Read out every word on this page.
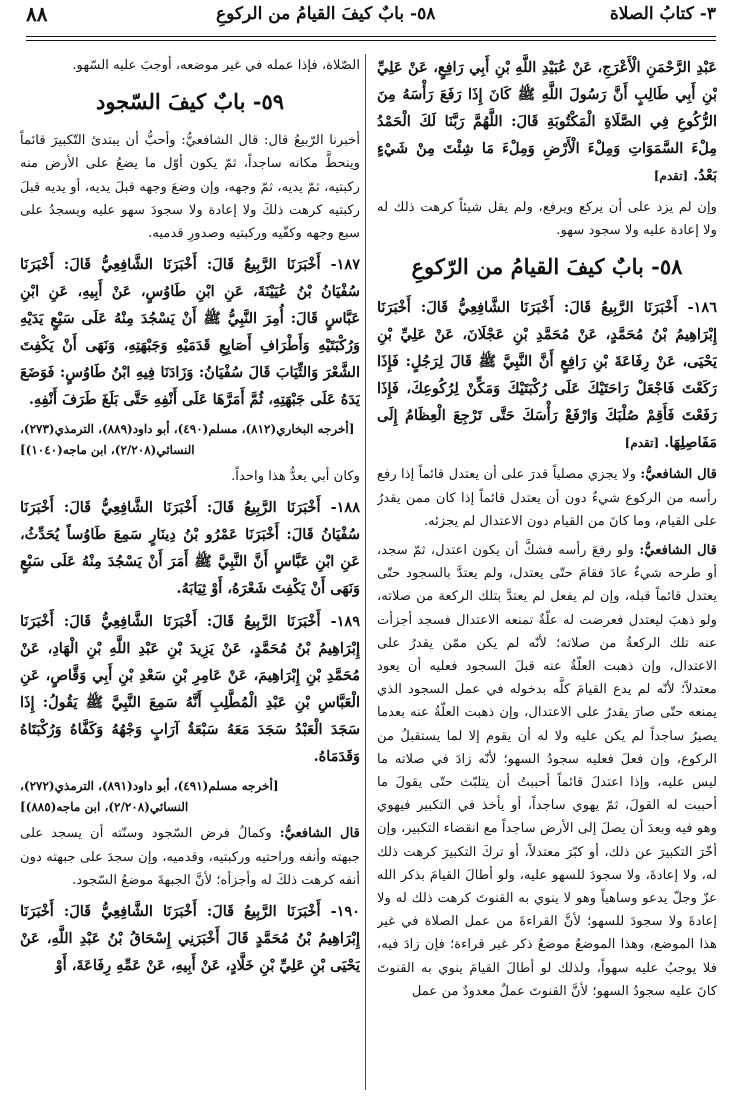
٣- كتابُ الصلاة
٥٨- بابٌ كيفَ القيامُ من الركوعِ
٨٨

عَبْدِ الرَّحْمَنِ الْأَعْرَجِ، عَنْ عُبَيْدِ اللَّهِ بْنِ أَبِي رَافِعٍ، عَنْ عَلِيِّ بْنِ أَبِي طَالِبٍ أَنَّ رَسُولَ اللَّهِ ﷺ كَانَ إِذَا رَفَعَ رَأْسَهُ مِنَ الرُّكُوعِ فِي الصَّلَاةِ الْمَكْتُوبَةِ قَالَ: اللَّهُمَّ رَبَّنَا لَكَ الْحَمْدُ مِلْءَ السَّمَوَاتِ وَمِلْءَ الْأَرْضِ وَمِلْءَ مَا شِئْتَ مِنْ شَيْءٍ بَعْدُ. [تقدم]

وإن لم يزد على أن يركع ويرفع، ولم يقل شيئاً كرهت ذلك له ولا إعادة عليه ولا سجود سهو.

٥٨- بابٌ كيفَ القيامُ من الرّكوعِ

١٨٦- أَخْبَرَنَا الرَّبِيعُ قَالَ: أَخْبَرَنَا الشَّافِعِيُّ قَالَ: أَخْبَرَنَا إِبْرَاهِيمُ بْنُ مُحَمَّدٍ، عَنْ مُحَمَّدِ بْنِ عَجْلَانَ، عَنْ عَلِيِّ بْنِ يَحْيَى، عَنْ رِفَاعَةَ بْنِ رَافِعٍ أَنَّ النَّبِيَّ ﷺ قَالَ لِرَجُلٍ: فَإِذَا رَكَعْتَ فَاجْعَلْ رَاحَتَيْكَ عَلَى رُكْبَتَيْكَ وَمَكِّنْ لِرُكُوعِكَ، فَإِذَا رَفَعْتَ فَأَقِمْ صُلْبَكَ وَارْفَعْ رَأْسَكَ حَتَّى تَرْجِعَ الْعِظَامُ إِلَى مَفَاصِلِهَا. [تقدم]

قال الشافعيُّ: ولا يجزي مصلياً قدرَ على أن يعتدل قائماً إذا رفع رأسه من الركوع شيءٌ دون أن يعتدل قائماً إذا كان ممن يقدرُ على القيام، وما كانَ من القيام دون الاعتدال لم يجزئه.

قال الشافعيُّ: ولو رفعَ رأسه فشكَّ أن يكون اعتدل، ثمّ سجد، أو طرحه شيءٌ عادَ فقامَ حتّى يعتدل، ولم يعتدَّ بالسجود حتّى يعتدل قائماً قبله، وإن لم يفعل لم يعتدَّ بتلك الركعة من صلاته، ولو ذهبَ ليعتدل فعرضت له علّةٌ تمنعه الاعتدال فسجد أجزأت عنه تلك الركعةُ من صلاته؛ لأنّه لم يكن ممّن يقدرُ على الاعتدال، وإن ذهبت العلّةُ عنه قبلَ السجود فعليه أن يعود معتدلاً؛ لأنّه لم يدع القيامَ كلَّه بدخوله في عمل السجود الذي يمنعه حتّى صارَ يقدرُ على الاعتدال، وإن ذهبت العلّةُ عنه بعدما يصيرُ ساجداً لم يكن عليه ولا له أن يقوم إلا لما يستقبلُ من الركوع، وإن فعلَ فعليه سجودُ السهو؛ لأنّه زادَ في صلاته ما ليس عليه، وإذا اعتدلَ قائماً أحببتُ أن يتلبّث حتّى يقولَ ما أحببت له القولَ، ثمّ يهوي ساجداً، أو يأخذ في التكبير فيهوي وهو فيه وبعدَ أن يصلَ إلى الأرض ساجداً مع انقضاء التكبير، وإن أخّرَ التكبيرَ عن ذلك، أو كبّرَ معتدلاً، أو تركَ التكبيرَ كرهت ذلك له، ولا إعادةَ، ولا سجودَ للسهو عليه، ولو أطالَ القيامَ بذكر الله عزّ وجلّ يدعو وساهياً وهو لا ينوي به القنوتَ كرهت ذلك له ولا إعادةَ ولا سجودَ للسهو؛ لأنَّ القراءةَ من عمل الصلاة في غير هذا الموضع، وهذا الموضعُ موضعُ ذكر غير قراءة؛ فإن زادَ فيه، فلا يوجبُ عليه سهواً، ولذلك لو أطالَ القيامَ ينوي به القنوتَ كانَ عليه سجودُ السهو؛ لأنَّ القنوتَ عملٌ معدودٌ من عمل

الصّلاة، فإذا عمله في غير موضعه، أوجبَ عليه السّهو.

٥٩- بابٌ كيفَ السّجود

أخبرنا الرّبيعُ قال: قال الشافعيُّ: وأحبُّ أن يبتدئ التّكبيرَ قائماً وينحطَّ مكانه ساجداً، ثمّ يكون أوّل ما يضعُ على الأرض منه ركبتيه، ثمّ يديه، ثمّ وجهه، وإن وضعَ وجهه قبلَ يديه، أو يديه قبلَ ركبتيه كرهت ذلكَ ولا إعادة ولا سجودَ سهو عليه ويسجدُ على سبع وجهه وكفّيه وركبتيه وصدورِ قدميه.

١٨٧- أَخْبَرَنَا الرَّبِيعُ قَالَ: أَخْبَرَنَا الشَّافِعِيُّ قَالَ: أَخْبَرَنَا سُفْيَانُ بْنُ عُيَيْنَةَ، عَنِ ابْنِ طَاوُسٍ، عَنْ أَبِيهِ، عَنِ ابْنِ عَبَّاسٍ قَالَ: أُمِرَ النَّبِيُّ ﷺ أَنْ يَسْجُدَ مِنْهُ عَلَى سَبْعٍ يَدَيْهِ وَرُكْبَتَيْهِ وَأَطْرَافِ أَصَابِعِ قَدَمَيْهِ وَجَبْهَتِهِ، وَنَهَى أَنْ يَكْفِتَ الشَّعْرَ وَالثِّيَابَ قَالَ سُفْيَانُ: وَزَادَنَا فِيهِ ابْنُ طَاوُسٍ: فَوَضَعَ يَدَهُ عَلَى جَبْهَتِهِ، ثُمَّ أَمَرَّهَا عَلَى أَنْفِهِ حَتَّى بَلَغَ طَرَفَ أَنْفِهِ.

[أخرجه البخاري(٨١٢)، مسلم(٤٩٠)، أبو داود(٨٨٩)، الترمذي(٢٧٣)، النسائي(٢/٢٠٨)، ابن ماجه(١٠٤٠)]

وكان أبي يعدُّ هذا واحداً.

١٨٨- أَخْبَرَنَا الرَّبِيعُ قَالَ: أَخْبَرَنَا الشَّافِعِيُّ قَالَ: أَخْبَرَنَا سُفْيَانُ قَالَ: أَخْبَرَنَا عَمْرُو بْنُ دِينَارٍ سَمِعَ طَاوُساً يُحَدِّثُ، عَنِ ابْنِ عَبَّاسٍ أَنَّ النَّبِيَّ ﷺ أَمَرَ أَنْ يَسْجُدَ مِنْهُ عَلَى سَبْعٍ وَنَهَى أَنْ يَكْفِتَ شَعْرَهُ، أَوْ ثِيَابَهُ.

١٨٩- أَخْبَرَنَا الرَّبِيعُ قَالَ: أَخْبَرَنَا الشَّافِعِيُّ قَالَ: أَخْبَرَنَا إِبْرَاهِيمُ بْنُ مُحَمَّدٍ، عَنْ يَزِيدَ بْنِ عَبْدِ اللَّهِ بْنِ الْهَادِ، عَنْ مُحَمَّدِ بْنِ إِبْرَاهِيمَ، عَنْ عَامِرِ بْنِ سَعْدِ بْنِ أَبِي وَقَّاصٍ، عَنِ الْعَبَّاسِ بْنِ عَبْدِ الْمُطَّلِبِ أَنَّهُ سَمِعَ النَّبِيَّ ﷺ يَقُولُ: إِذَا سَجَدَ الْعَبْدُ سَجَدَ مَعَهُ سَبْعَةُ آرَابٍ وَجْهُهُ وَكَفَّاهُ وَرُكْبَتَاهُ وَقَدَمَاهُ.

[أخرجه مسلم(٤٩١)، أبو داود(٨٩١)، الترمذي(٢٧٢)، النسائي(٢/٢٠٨)، ابن ماجه(٨٨٥)]

قال الشافعيُّ: وكمالُ فرض السّجود وسنّته أن يسجد على جبهته وأنفه وراحتيه وركبتيه، وقدميه، وإن سجدَ على جبهته دون أنفه كرهت ذلكَ له وأجزأه؛ لأنَّ الجبهةَ موضعُ السّجود.

١٩٠- أَخْبَرَنَا الرَّبِيعُ قَالَ: أَخْبَرَنَا الشَّافِعِيُّ قَالَ: أَخْبَرَنَا إِبْرَاهِيمُ بْنُ مُحَمَّدٍ قَالَ أَخْبَرَنِي إِسْحَاقُ بْنُ عَبْدِ اللَّهِ، عَنْ يَحْيَى بْنِ عَلِيِّ بْنِ خَلَّادٍ، عَنْ أَبِيهِ، عَنْ عَمِّهِ رِفَاعَةَ، أَوْ
